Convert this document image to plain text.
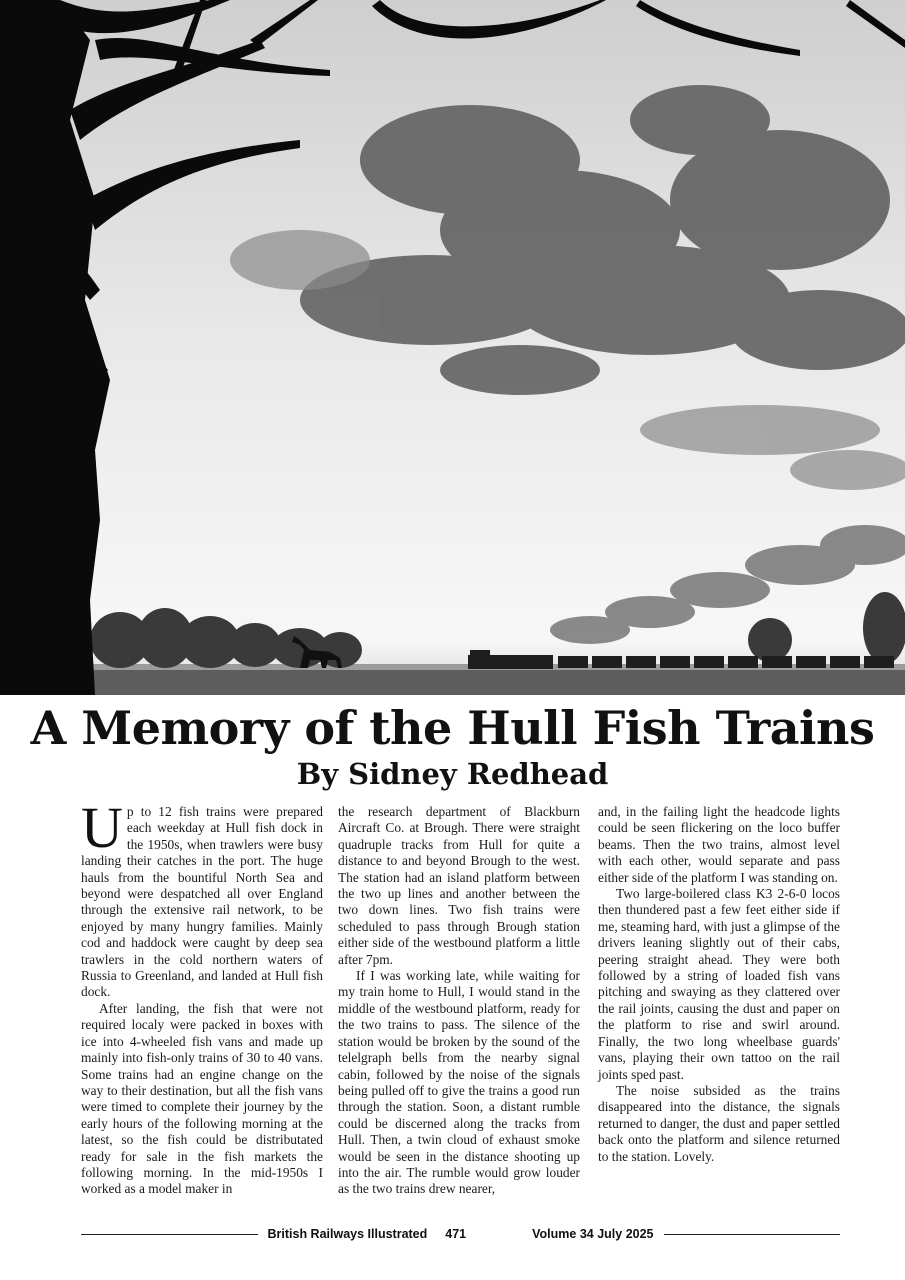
A Memory of the Hull Fish Trains
By Sidney Redhead

Up to 12 fish trains were prepared each weekday at Hull fish dock in the 1950s, when trawlers were busy landing their catches in the port. The huge hauls from the bountiful North Sea and beyond were despatched all over England through the extensive rail network, to be enjoyed by many hungry families. Mainly cod and haddock were caught by deep sea trawlers in the cold northern waters of Russia to Greenland, and landed at Hull fish dock.

After landing, the fish that were not required localy were packed in boxes with ice into 4-wheeled fish vans and made up mainly into fish-only trains of 30 to 40 vans. Some trains had an engine change on the way to their destination, but all the fish vans were timed to complete their journey by the early hours of the following morning at the latest, so the fish could be distributated ready for sale in the fish markets the following morning. In the mid-1950s I worked as a model maker in

the research department of Blackburn Aircraft Co. at Brough. There were straight quadruple tracks from Hull for quite a distance to and beyond Brough to the west. The station had an island platform between the two up lines and another between the two down lines. Two fish trains were scheduled to pass through Brough station either side of the westbound platform a little after 7pm.

If I was working late, while waiting for my train home to Hull, I would stand in the middle of the westbound platform, ready for the two trains to pass. The silence of the station would be broken by the sound of the telelgraph bells from the nearby signal cabin, followed by the noise of the signals being pulled off to give the trains a good run through the station. Soon, a distant rumble could be discerned along the tracks from Hull. Then, a twin cloud of exhaust smoke would be seen in the distance shooting up into the air. The rumble would grow louder as the two trains drew nearer,

and, in the failing light the headcode lights could be seen flickering on the loco buffer beams. Then the two trains, almost level with each other, would separate and pass either side of the platform I was standing on.

Two large-boilered class K3 2-6-0 locos then thundered past a few feet either side if me, steaming hard, with just a glimpse of the drivers leaning slightly out of their cabs, peering straight ahead. They were both followed by a string of loaded fish vans pitching and swaying as they clattered over the rail joints, causing the dust and paper on the platform to rise and swirl around. Finally, the two long wheelbase guards' vans, playing their own tattoo on the rail joints sped past.

The noise subsided as the trains disappeared into the distance, the signals returned to danger, the dust and paper settled back onto the platform and silence returned to the station. Lovely.

British Railways Illustrated 471	Volume 34 July 2025
